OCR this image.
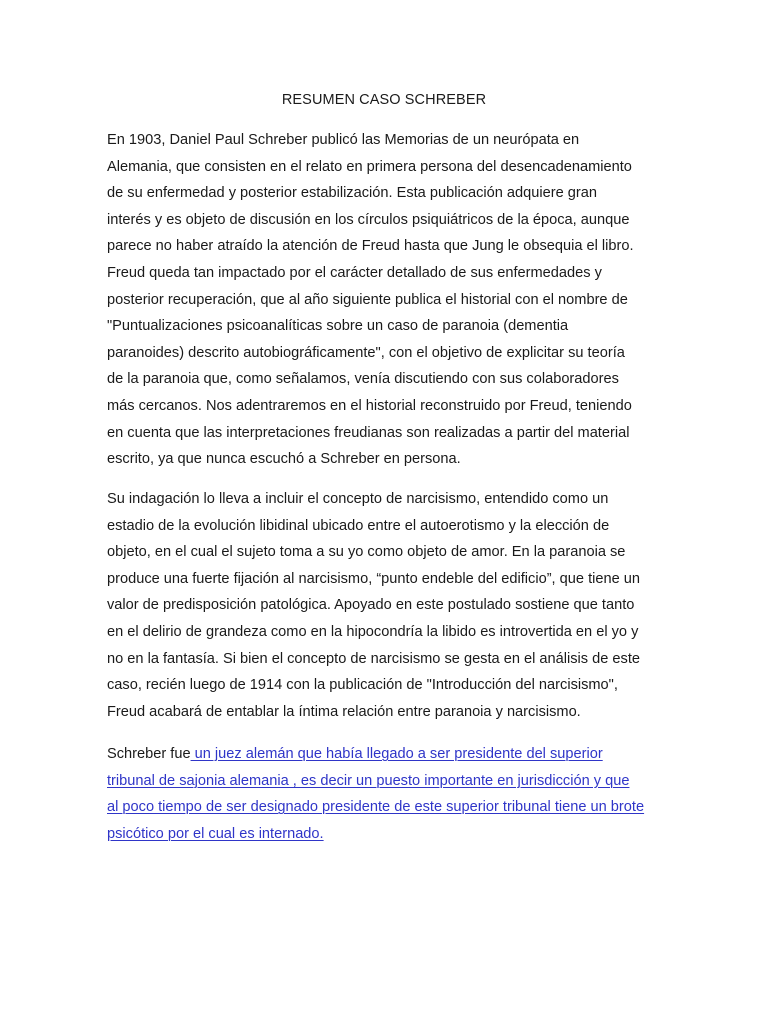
RESUMEN CASO SCHREBER

En 1903, Daniel Paul Schreber publicó las Memorias de un neurópata en
Alemania, que consisten en el relato en primera persona del desencadenamiento
de su enfermedad y posterior estabilización. Esta publicación adquiere gran
interés y es objeto de discusión en los círculos psiquiátricos de la época, aunque
parece no haber atraído la atención de Freud hasta que Jung le obsequia el libro.
Freud queda tan impactado por el carácter detallado de sus enfermedades y
posterior recuperación, que al año siguiente publica el historial con el nombre de
"Puntualizaciones psicoanalíticas sobre un caso de paranoia (dementia
paranoides) descrito autobiográficamente", con el objetivo de explicitar su teoría
de la paranoia que, como señalamos, venía discutiendo con sus colaboradores
más cercanos. Nos adentraremos en el historial reconstruido por Freud, teniendo
en cuenta que las interpretaciones freudianas son realizadas a partir del material
escrito, ya que nunca escuchó a Schreber en persona.

Su indagación lo lleva a incluir el concepto de narcisismo, entendido como un
estadio de la evolución libidinal ubicado entre el autoerotismo y la elección de
objeto, en el cual el sujeto toma a su yo como objeto de amor. En la paranoia se
produce una fuerte fijación al narcisismo, “punto endeble del edificio”, que tiene un
valor de predisposición patológica. Apoyado en este postulado sostiene que tanto
en el delirio de grandeza como en la hipocondría la libido es introvertida en el yo y
no en la fantasía. Si bien el concepto de narcisismo se gesta en el análisis de este
caso, recién luego de 1914 con la publicación de "Introducción del narcisismo",
Freud acabará de entablar la íntima relación entre paranoia y narcisismo.

Schreber fue un juez alemán que había llegado a ser presidente del superior
tribunal de sajonia alemania , es decir un puesto importante en jurisdicción y que
al poco tiempo de ser designado presidente de este superior tribunal tiene un brote
psicótico por el cual es internado.
